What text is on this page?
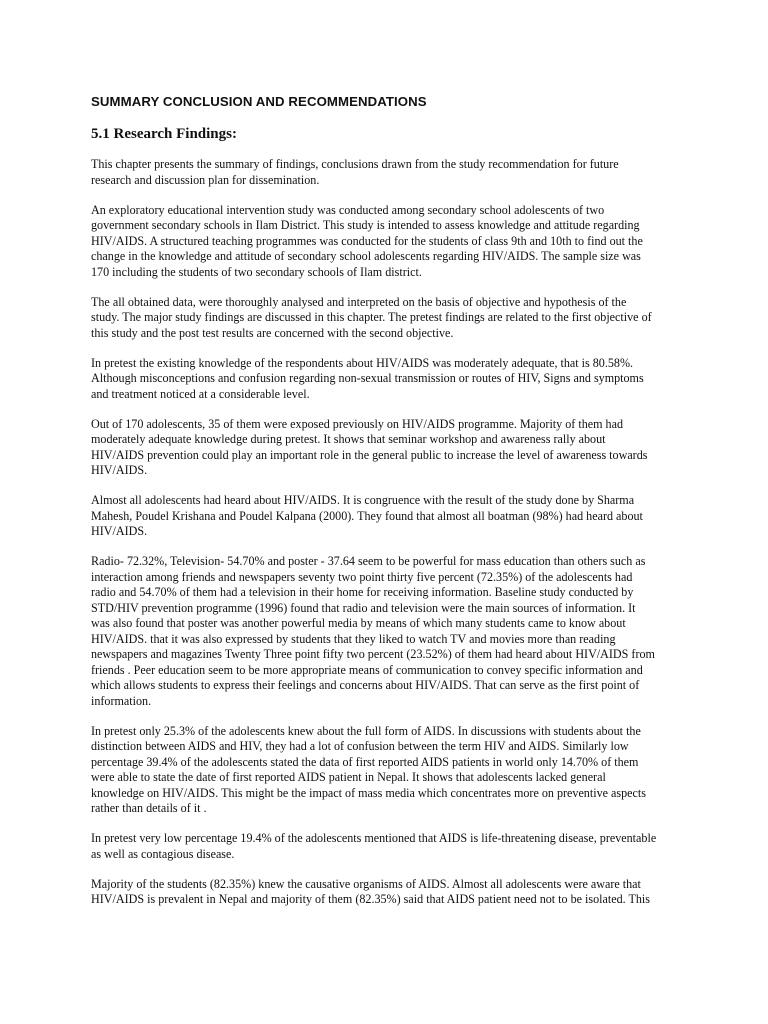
SUMMARY CONCLUSION AND RECOMMENDATIONS
5.1 Research Findings:

This chapter presents the summary of findings, conclusions drawn from the study recommendation for future
research and discussion plan for dissemination.

An exploratory educational intervention study was conducted among secondary school adolescents of two
government secondary schools in Ilam District. This study is intended to assess knowledge and attitude regarding
HIV/AIDS. A structured teaching programmes was conducted for the students of class 9th and 10th to find out the
change in the knowledge and attitude of secondary school adolescents regarding HIV/AIDS. The sample size was
170 including the students of two secondary schools of Ilam district.

The all obtained data, were thoroughly analysed and interpreted on the basis of objective and hypothesis of the
study. The major study findings are discussed in this chapter. The pretest findings are related to the first objective of
this study and the post test results are concerned with the second objective.

In pretest the existing knowledge of the respondents about HIV/AIDS was moderately adequate, that is 80.58%.
Although misconceptions and confusion regarding non-sexual transmission or routes of HIV, Signs and symptoms
and treatment noticed at a considerable level.

Out of 170 adolescents, 35 of them were exposed previously on HIV/AIDS programme. Majority of them had
moderately adequate knowledge during pretest. It shows that seminar workshop and awareness rally about
HIV/AIDS prevention could play an important role in the general public to increase the level of awareness towards
HIV/AIDS.

Almost all adolescents had heard about HIV/AIDS. It is congruence with the result of the study done by Sharma
Mahesh, Poudel Krishana and Poudel Kalpana (2000). They found that almost all boatman (98%) had heard about
HIV/AIDS.

Radio- 72.32%, Television- 54.70% and poster - 37.64 seem to be powerful for mass education than others such as
interaction among friends and newspapers seventy two point thirty five percent (72.35%) of the adolescents had
radio and 54.70% of them had a television in their home for receiving information. Baseline study conducted by
STD/HIV prevention programme (1996) found that radio and television were the main sources of information. It
was also found that poster was another powerful media by means of which many students came to know about
HIV/AIDS. that it was also expressed by students that they liked to watch TV and movies more than reading
newspapers and magazines Twenty Three point fifty two percent (23.52%) of them had heard about HIV/AIDS from
friends . Peer education seem to be more appropriate means of communication to convey specific information and
which allows students to express their feelings and concerns about HIV/AIDS. That can serve as the first point of
information.

In pretest only 25.3% of the adolescents knew about the full form of AIDS. In discussions with students about the
distinction between AIDS and HIV, they had a lot of confusion between the term HIV and AIDS. Similarly low
percentage 39.4% of the adolescents stated the data of first reported AIDS patients in world only 14.70% of them
were able to state the date of first reported AIDS patient in Nepal. It shows that adolescents lacked general
knowledge on HIV/AIDS. This might be the impact of mass media which concentrates more on preventive aspects
rather than details of it .

In pretest very low percentage 19.4% of the adolescents mentioned that AIDS is life-threatening disease, preventable
as well as contagious disease.

Majority of the students (82.35%) knew the causative organisms of AIDS. Almost all adolescents were aware that
HIV/AIDS is prevalent in Nepal and majority of them (82.35%) said that AIDS patient need not to be isolated. This
